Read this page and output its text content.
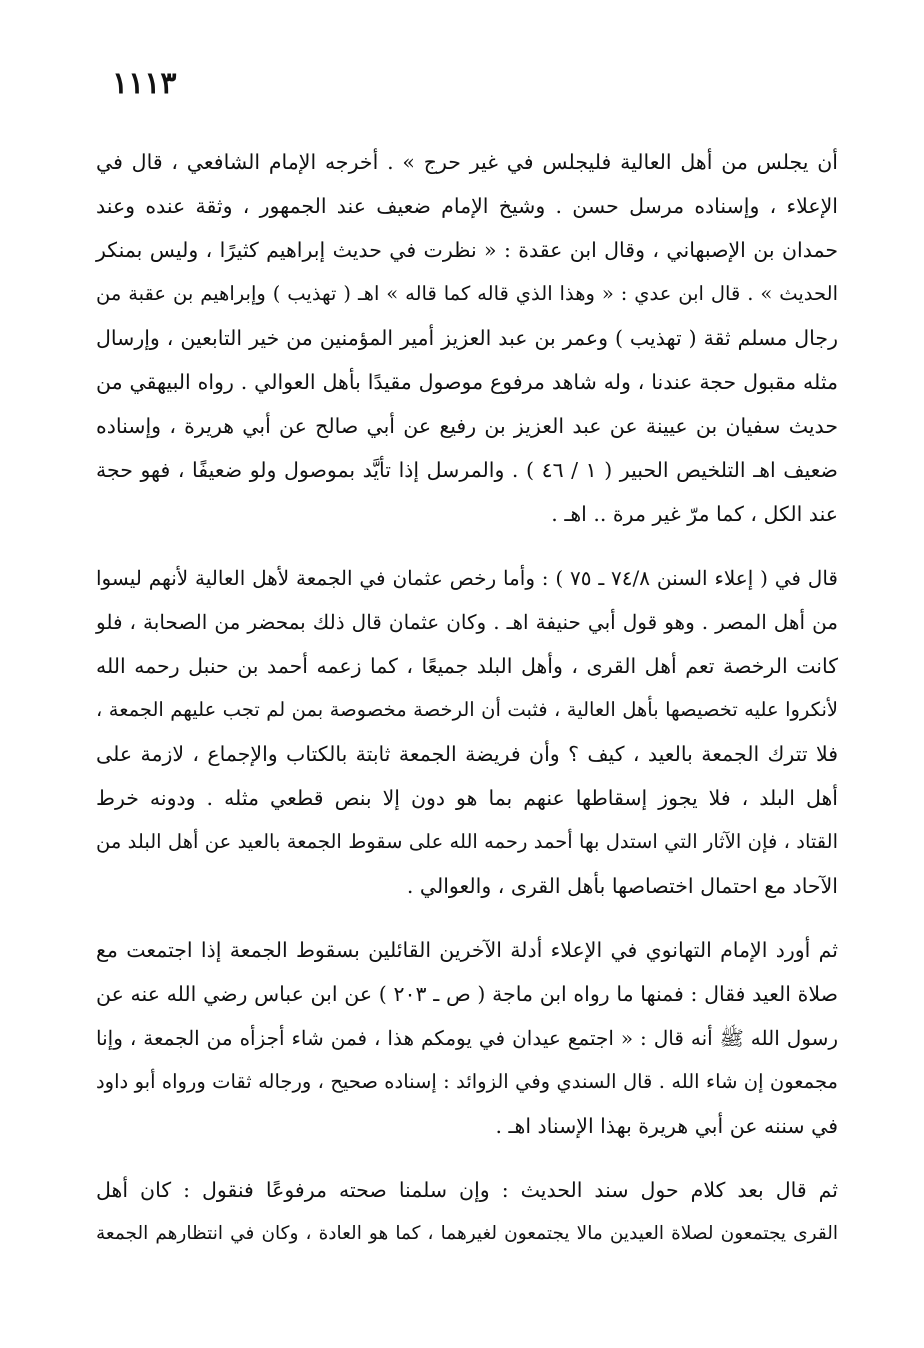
١١١٣

أن يجلس من أهل العالية فليجلس في غير حرج » . أخرجه الإمام الشافعي ، قال في
الإعلاء ، وإسناده مرسل حسن . وشيخ الإمام ضعيف عند الجمهور ، وثقة عنده وعند
حمدان بن الإصبهاني ، وقال ابن عقدة : « نظرت في حديث إبراهيم كثيرًا ، وليس بمنكر
الحديث » . قال ابن عدي : « وهذا الذي قاله كما قاله » اهـ ( تهذيب ) وإبراهيم بن عقبة من
رجال مسلم ثقة ( تهذيب ) وعمر بن عبد العزيز أمير المؤمنين من خير التابعين ، وإرسال
مثله مقبول حجة عندنا ، وله شاهد مرفوع موصول مقيدًا بأهل العوالي . رواه البيهقي من
حديث سفيان بن عيينة عن عبد العزيز بن رفيع عن أبي صالح عن أبي هريرة ، وإسناده
ضعيف اهـ التلخيص الحبير ( ١ / ٤٦ ) . والمرسل إذا تأيَّد بموصول ولو ضعيفًا ، فهو حجة
عند الكل ، كما مرّ غير مرة .. اهـ .

قال في ( إعلاء السنن ٧٤/٨ ـ ٧٥ ) : وأما رخص عثمان في الجمعة لأهل العالية لأنهم ليسوا
من أهل المصر . وهو قول أبي حنيفة اهـ . وكان عثمان قال ذلك بمحضر من الصحابة ، فلو
كانت الرخصة تعم أهل القرى ، وأهل البلد جميعًا ، كما زعمه أحمد بن حنبل رحمه الله
لأنكروا عليه تخصيصها بأهل العالية ، فثبت أن الرخصة مخصوصة بمن لم تجب عليهم الجمعة ،
فلا تترك الجمعة بالعيد ، كيف ؟ وأن فريضة الجمعة ثابتة بالكتاب والإجماع ، لازمة على
أهل البلد ، فلا يجوز إسقاطها عنهم بما هو دون إلا بنص قطعي مثله . ودونه خرط
القتاد ، فإن الآثار التي استدل بها أحمد رحمه الله على سقوط الجمعة بالعيد عن أهل البلد من
الآحاد مع احتمال اختصاصها بأهل القرى ، والعوالي .

ثم أورد الإمام التهانوي في الإعلاء أدلة الآخرين القائلين بسقوط الجمعة إذا اجتمعت مع
صلاة العيد فقال : فمنها ما رواه ابن ماجة ( ص ـ ٢٠٣ ) عن ابن عباس رضي الله عنه عن
رسول الله ﷺ أنه قال : « اجتمع عيدان في يومكم هذا ، فمن شاء أجزأه من الجمعة ، وإنا
مجمعون إن شاء الله . قال السندي وفي الزوائد : إسناده صحيح ، ورجاله ثقات ورواه أبو داود
في سننه عن أبي هريرة بهذا الإسناد اهـ .

ثم قال بعد كلام حول سند الحديث : وإن سلمنا صحته مرفوعًا فنقول : كان أهل
القرى يجتمعون لصلاة العيدين مالا يجتمعون لغيرهما ، كما هو العادة ، وكان في انتظارهم الجمعة
